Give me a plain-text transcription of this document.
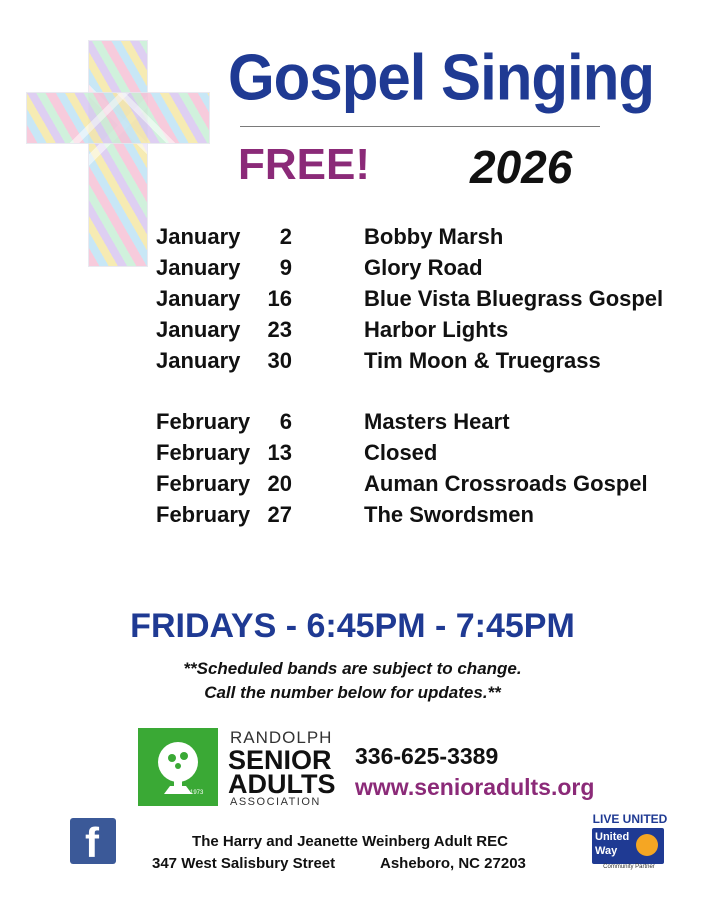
Gospel Singing
FREE! 2026
January	2	Bobby Marsh
January	9	Glory Road
January	16	Blue Vista Bluegrass Gospel
January	23	Harbor Lights
January	30	Tim Moon & Truegrass
February	6	Masters Heart
February 13	Closed
February 20	Auman Crossroads Gospel
February 27	The Swordsmen
FRIDAYS - 6:45PM - 7:45PM
**Scheduled bands are subject to change.
Call the number below for updates.**
Est. 1973
RANDOLPH
SENIOR
ADULTS
ASSOCIATION
336-625-3389
www.senioradults.org
f	The Harry and Jeanette Weinberg Adult REC
347 West Salisbury Street	Asheboro, NC 27203
LIVE UNITED
United
Way
Community Partner
